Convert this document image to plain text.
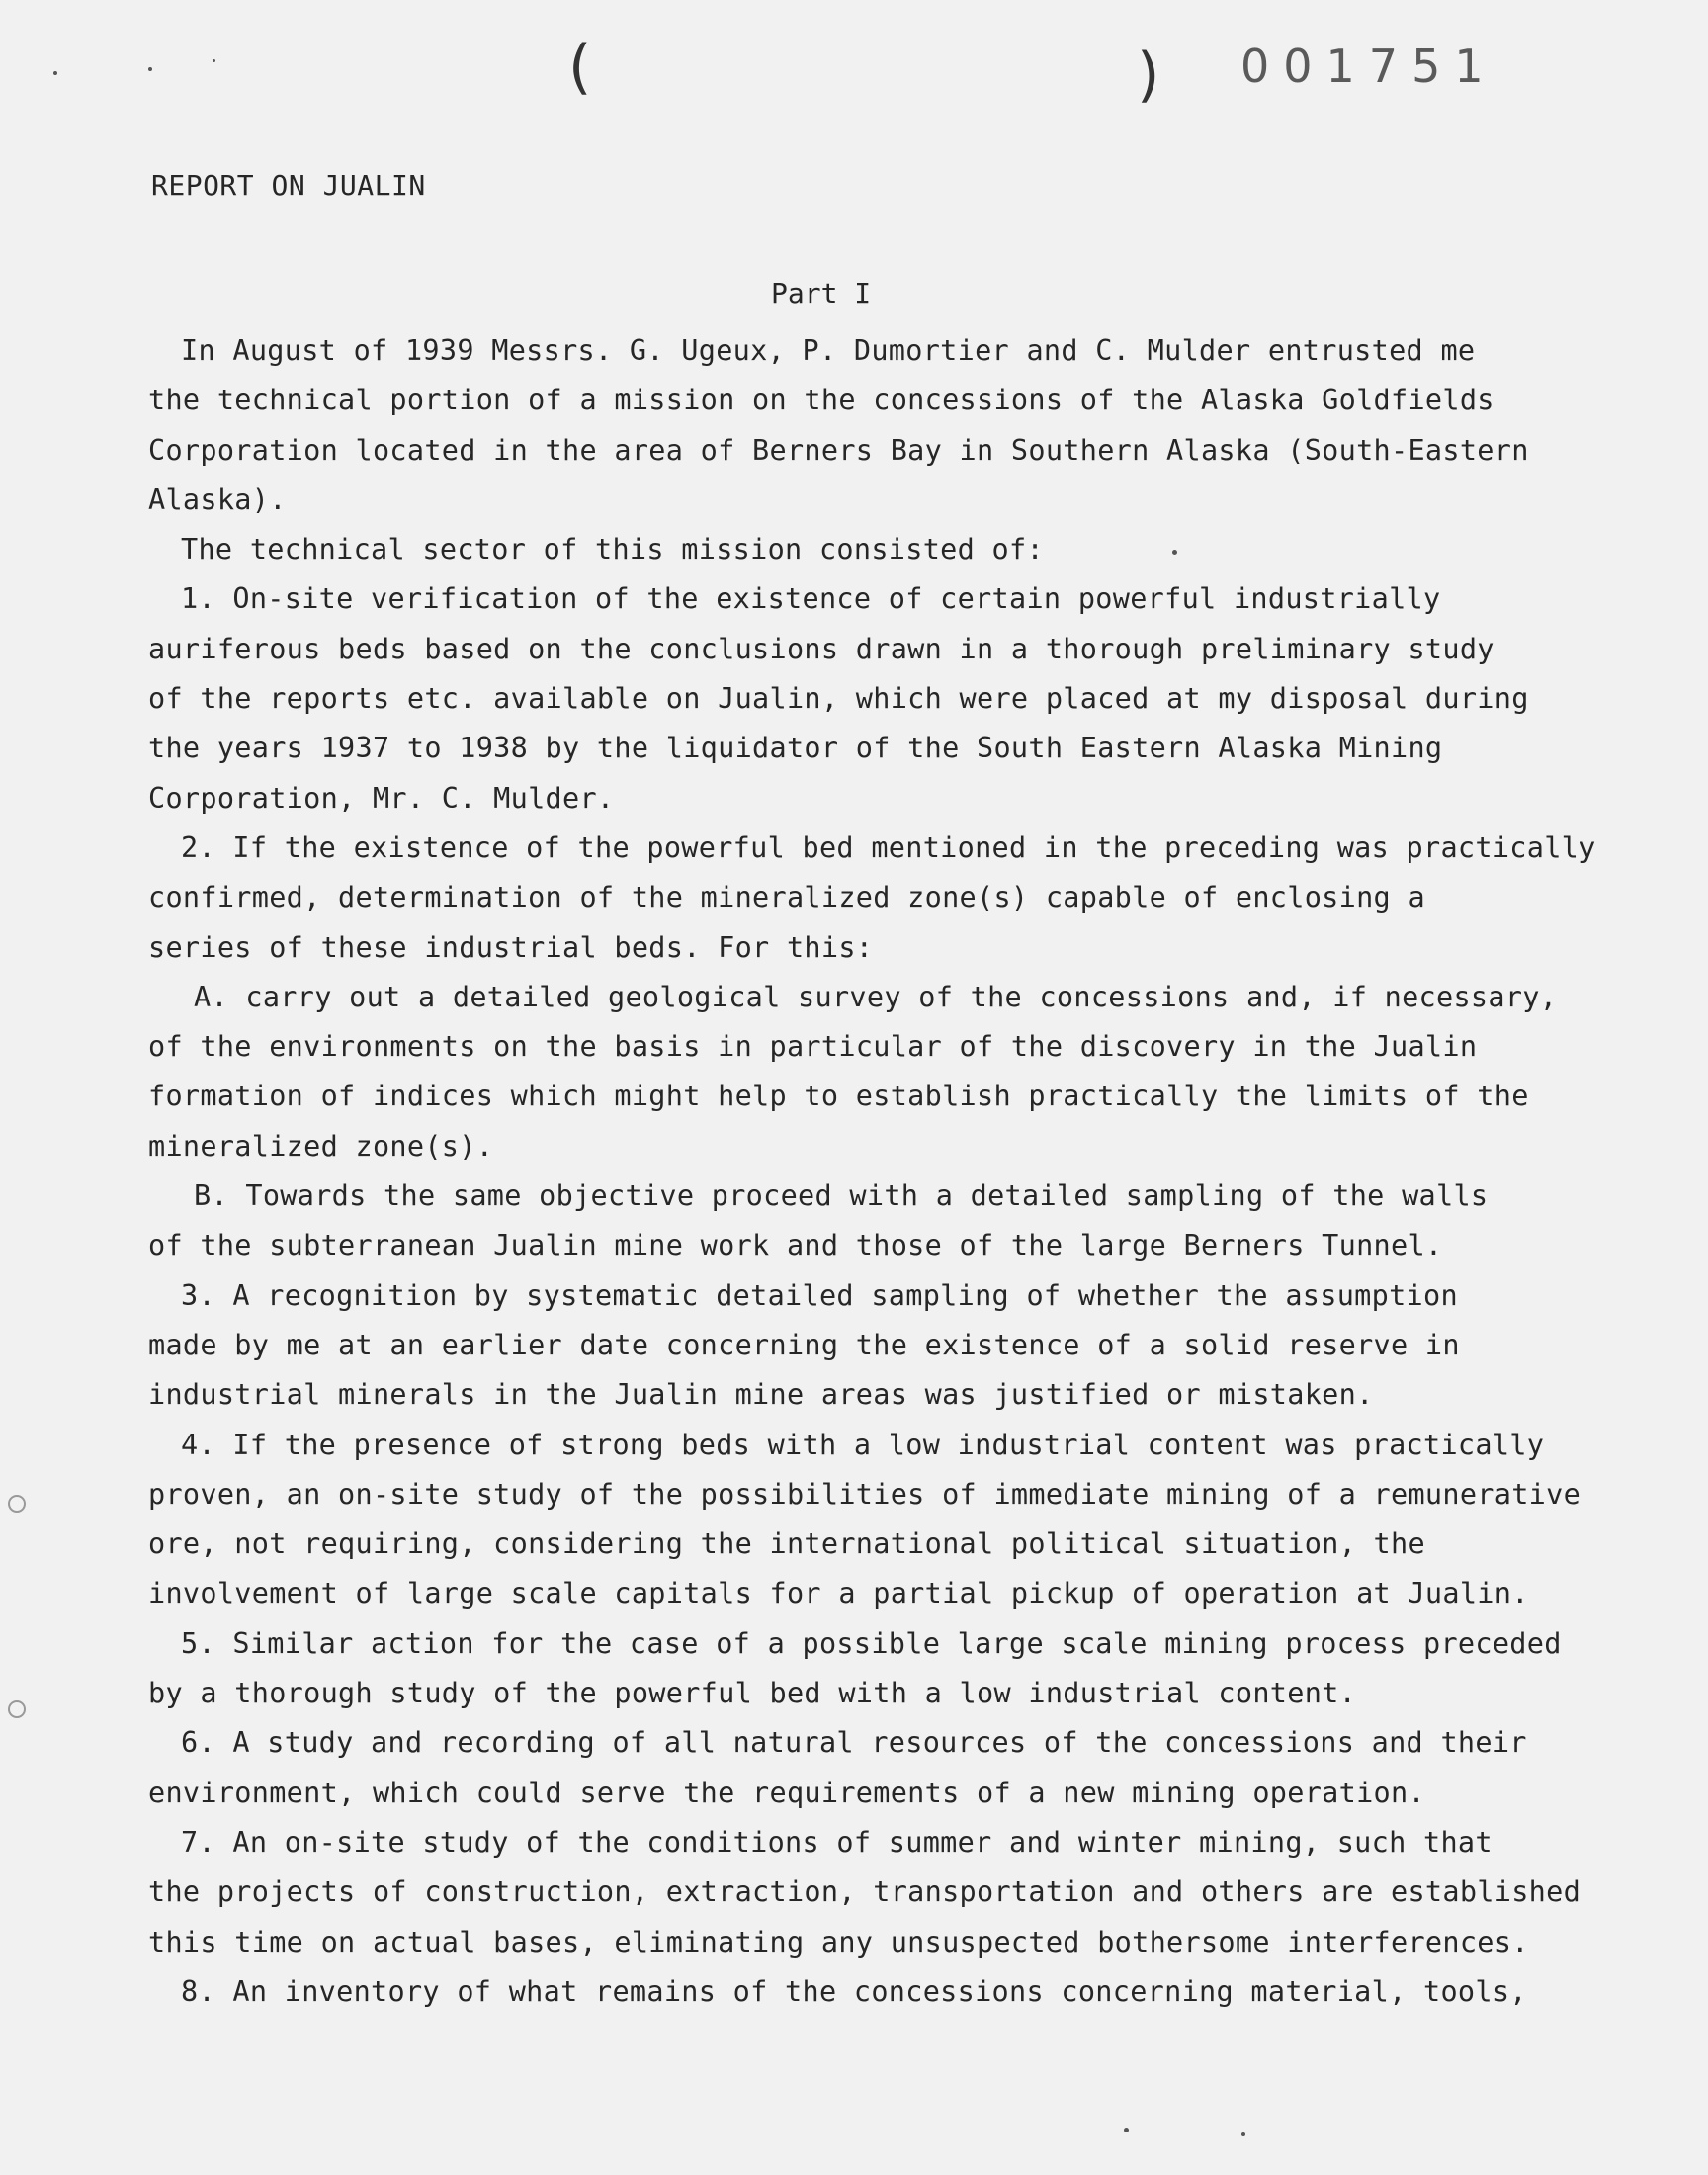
(	) 001751
REPORT ON JUALIN
Part I
In August of 1939 Messrs. G. Ugeux, P. Dumortier and C. Mulder entrusted me
the technical portion of a mission on the concessions of the Alaska Goldfields
Corporation located in the area of Berners Bay in Southern Alaska (South-Eastern
Alaska).
The technical sector of this mission consisted of:
1. On-site verification of the existence of certain powerful industrially
auriferous beds based on the conclusions drawn in a thorough preliminary study
of the reports etc. available on Jualin, which were placed at my disposal during
the years 1937 to 1938 by the liquidator of the South Eastern Alaska Mining
Corporation, Mr. C. Mulder.
2. If the existence of the powerful bed mentioned in the preceding was practically
confirmed, determination of the mineralized zone(s) capable of enclosing a
series of these industrial beds. For this:
A. carry out a detailed geological survey of the concessions and, if necessary,
of the environments on the basis in particular of the discovery in the Jualin
formation of indices which might help to establish practically the limits of the
mineralized zone(s).
B. Towards the same objective proceed with a detailed sampling of the walls
of the subterranean Jualin mine work and those of the large Berners Tunnel.
3. A recognition by systematic detailed sampling of whether the assumption
made by me at an earlier date concerning the existence of a solid reserve in
industrial minerals in the Jualin mine areas was justified or mistaken.
4. If the presence of strong beds with a low industrial content was practically
proven, an on-site study of the possibilities of immediate mining of a remunerative
ore, not requiring, considering the international political situation, the
involvement of large scale capitals for a partial pickup of operation at Jualin.
5. Similar action for the case of a possible large scale mining process preceded
by a thorough study of the powerful bed with a low industrial content.
6. A study and recording of all natural resources of the concessions and their
environment, which could serve the requirements of a new mining operation.
7. An on-site study of the conditions of summer and winter mining, such that
the projects of construction, extraction, transportation and others are established
this time on actual bases, eliminating any unsuspected bothersome interferences.
8. An inventory of what remains of the concessions concerning material, tools,
